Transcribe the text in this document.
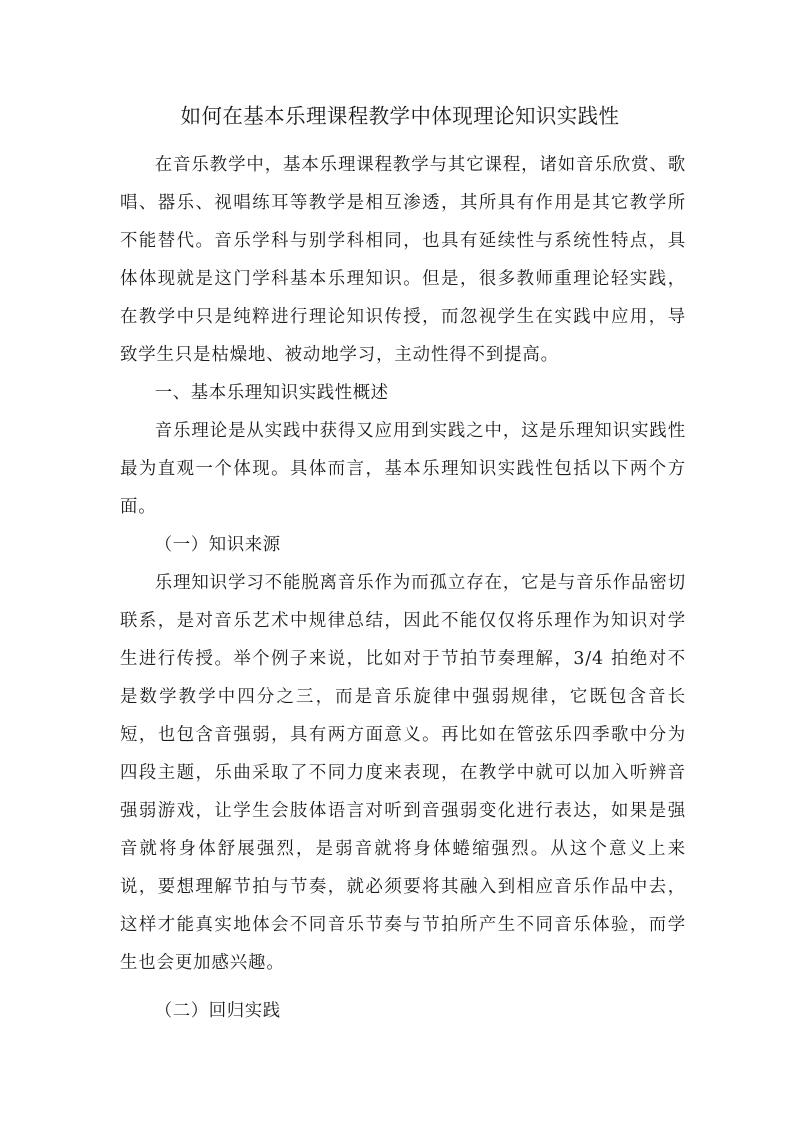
如何在基本乐理课程教学中体现理论知识实践性

在音乐教学中，基本乐理课程教学与其它课程，诸如音乐欣赏、歌唱、器乐、视唱练耳等教学是相互渗透，其所具有作用是其它教学所不能替代。音乐学科与别学科相同，也具有延续性与系统性特点，具体体现就是这门学科基本乐理知识。但是，很多教师重理论轻实践，在教学中只是纯粹进行理论知识传授，而忽视学生在实践中应用，导致学生只是枯燥地、被动地学习，主动性得不到提高。

一、基本乐理知识实践性概述

音乐理论是从实践中获得又应用到实践之中，这是乐理知识实践性最为直观一个体现。具体而言，基本乐理知识实践性包括以下两个方面。

（一）知识来源

乐理知识学习不能脱离音乐作为而孤立存在，它是与音乐作品密切联系，是对音乐艺术中规律总结，因此不能仅仅将乐理作为知识对学生进行传授。举个例子来说，比如对于节拍节奏理解，3/4 拍绝对不是数学教学中四分之三，而是音乐旋律中强弱规律，它既包含音长短，也包含音强弱，具有两方面意义。再比如在管弦乐四季歌中分为四段主题，乐曲采取了不同力度来表现，在教学中就可以加入听辨音强弱游戏，让学生会肢体语言对听到音强弱变化进行表达，如果是强音就将身体舒展强烈，是弱音就将身体蜷缩强烈。从这个意义上来说，要想理解节拍与节奏，就必须要将其融入到相应音乐作品中去，这样才能真实地体会不同音乐节奏与节拍所产生不同音乐体验，而学生也会更加感兴趣。

（二）回归实践
